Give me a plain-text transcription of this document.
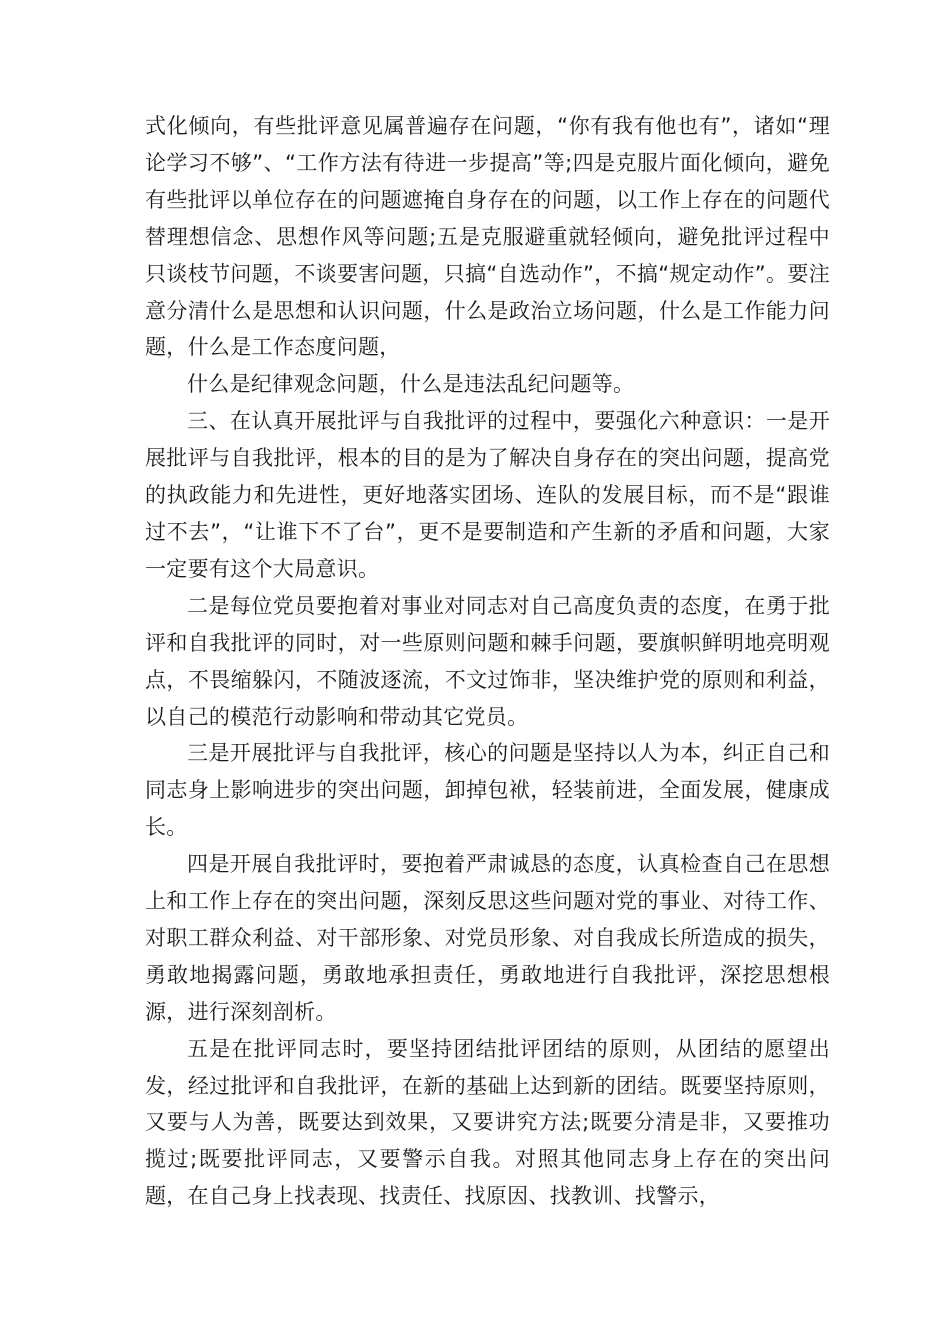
式化倾向，有些批评意见属普遍存在问题，“你有我有他也有”，诸如“理论学习不够”、“工作方法有待进一步提高”等;四是克服片面化倾向，避免有些批评以单位存在的问题遮掩自身存在的问题，以工作上存在的问题代替理想信念、思想作风等问题;五是克服避重就轻倾向，避免批评过程中只谈枝节问题，不谈要害问题，只搞“自选动作”，不搞“规定动作”。要注意分清什么是思想和认识问题，什么是政治立场问题，什么是工作能力问题，什么是工作态度问题，

什么是纪律观念问题，什么是违法乱纪问题等。

三、在认真开展批评与自我批评的过程中，要强化六种意识：一是开展批评与自我批评，根本的目的是为了解决自身存在的突出问题，提高党的执政能力和先进性，更好地落实团场、连队的发展目标，而不是“跟谁过不去”，“让谁下不了台”，更不是要制造和产生新的矛盾和问题，大家一定要有这个大局意识。

二是每位党员要抱着对事业对同志对自己高度负责的态度，在勇于批评和自我批评的同时，对一些原则问题和棘手问题，要旗帜鲜明地亮明观点，不畏缩躲闪，不随波逐流，不文过饰非，坚决维护党的原则和利益，以自己的模范行动影响和带动其它党员。

三是开展批评与自我批评，核心的问题是坚持以人为本，纠正自己和同志身上影响进步的突出问题，卸掉包袱，轻装前进，全面发展，健康成长。

四是开展自我批评时，要抱着严肃诚恳的态度，认真检查自己在思想上和工作上存在的突出问题，深刻反思这些问题对党的事业、对待工作、对职工群众利益、对干部形象、对党员形象、对自我成长所造成的损失，勇敢地揭露问题，勇敢地承担责任，勇敢地进行自我批评，深挖思想根源，进行深刻剖析。

五是在批评同志时，要坚持团结批评团结的原则，从团结的愿望出发，经过批评和自我批评，在新的基础上达到新的团结。既要坚持原则，又要与人为善，既要达到效果，又要讲究方法;既要分清是非，又要推功揽过;既要批评同志，又要警示自我。对照其他同志身上存在的突出问题，在自己身上找表现、找责任、找原因、找教训、找警示，
